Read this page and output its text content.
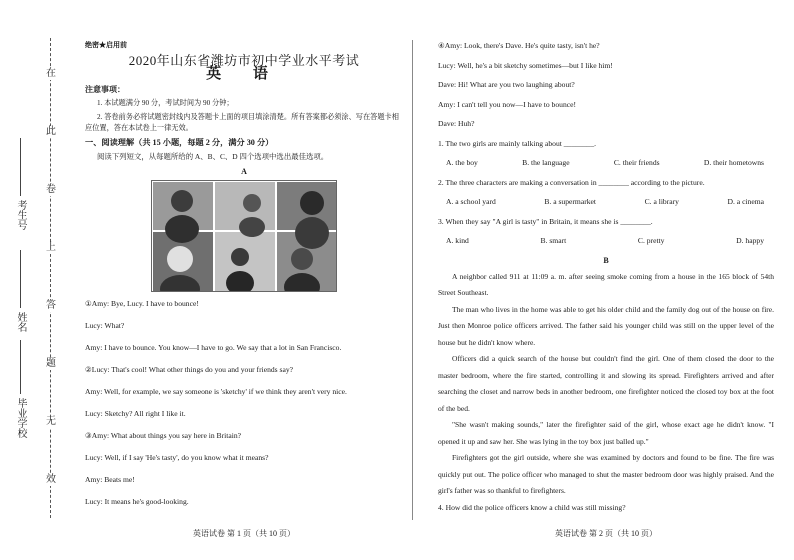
在
此
卷
上
答
题
无
效
考生号
姓名
毕业学校
绝密★启用前
2020年山东省潍坊市初中学业水平考试
英 语
注意事项：
1. 本试题满分 90 分，考试时间为 90 分钟；
2. 答卷前务必将试题密封线内及答题卡上面的项目填涂清楚。所有答案都必须涂、写在答题卡相应位置，答在本试卷上一律无效。
一、阅读理解（共 15 小题，每题 2 分，满分 30 分）
阅读下列短文，从每题所给的 A、B、C、D 四个选项中选出最佳选项。
A
①Amy: Bye, Lucy. I have to bounce!
Lucy: What?
Amy: I have to bounce. You know—I have to go. We say that a lot in San Francisco.
②Lucy: That's cool! What other things do you and your friends say?
Amy: Well, for example, we say someone is 'sketchy' if we think they aren't very nice.
Lucy: Sketchy? All right I like it.
③Amy: What about things you say here in Britain?
Lucy: Well, if I say 'He's tasty', do you know what it means?
Amy: Beats me!
Lucy: It means he's good-looking.
④Amy: Look, there's Dave. He's quite tasty, isn't he?
Lucy: Well, he's a bit sketchy sometimes—but I like him!
Dave: Hi! What are you two laughing about?
Amy: I can't tell you now—I have to bounce!
Dave: Huh?
1. The two girls are mainly talking about ________.
A. the boy	B. the language	C. their friends	D. their hometowns
2. The three characters are making a conversation in ________ according to the picture.
A. a school yard	B. a supermarket	C. a library	D. a cinema
3. When they say "A girl is tasty" in Britain, it means she is ________.
A. kind	B. smart	C. pretty	D. happy
B
A neighbor called 911 at 11:09 a. m. after seeing smoke coming from a house in the 165 block of 54th Street Southeast.
The man who lives in the home was able to get his older child and the family dog out of the house on fire. Just then Monroe police officers arrived. The father said his younger child was still on the upper level of the house but he didn't know where.
Officers did a quick search of the house but couldn't find the girl. One of them closed the door to the master bedroom, where the fire started, controlling it and slowing its spread. Firefighters arrived and after searching the closet and narrow beds in another bedroom, one firefighter noticed the closed toy box at the foot of the bed.
"She wasn't making sounds," later the firefighter said of the girl, whose exact age he didn't know. "I opened it up and saw her. She was lying in the toy box just balled up."
Firefighters got the girl outside, where she was examined by doctors and found to be fine. The fire was quickly put out. The police officer who managed to shut the master bedroom door was highly praised. And the girl's father was so thankful to firefighters.
4. How did the police officers know a child was still missing?
英语试卷 第 1 页（共 10 页）	英语试卷 第 2 页（共 10 页）
